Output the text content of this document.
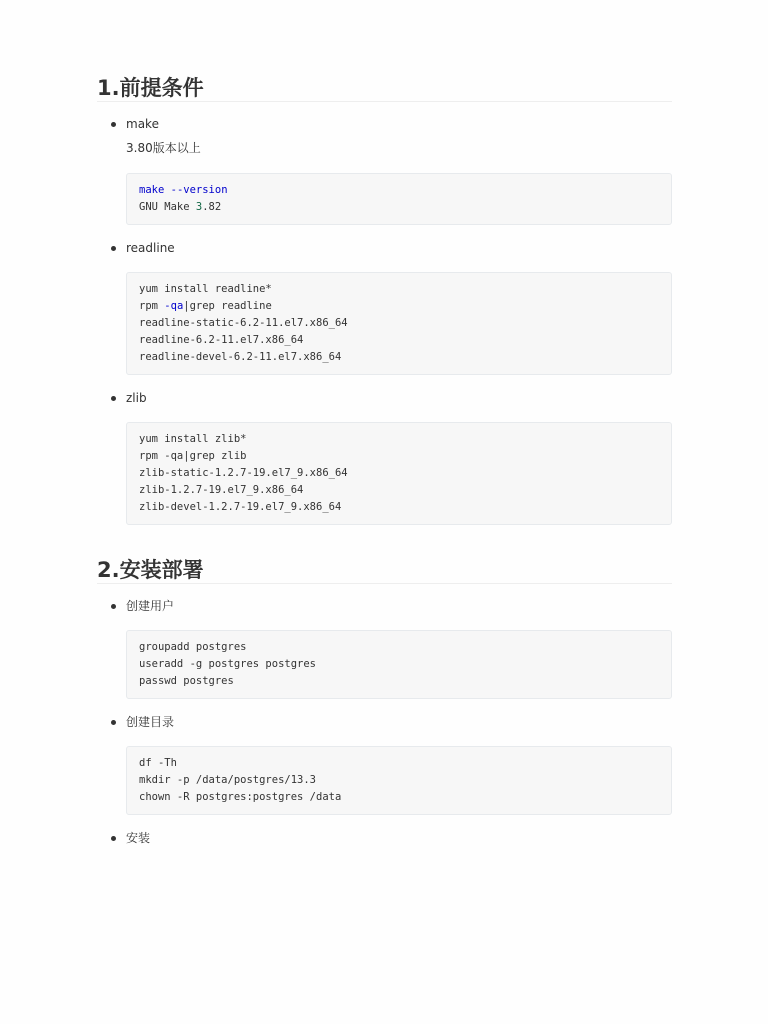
1.前提条件
make
3.80版本以上
make --version
GNU Make 3.82
readline
yum install readline*
rpm -qa|grep readline
readline-static-6.2-11.el7.x86_64
readline-6.2-11.el7.x86_64
readline-devel-6.2-11.el7.x86_64
zlib
yum install zlib*
rpm -qa|grep zlib
zlib-static-1.2.7-19.el7_9.x86_64
zlib-1.2.7-19.el7_9.x86_64
zlib-devel-1.2.7-19.el7_9.x86_64
2.安装部署
创建用户
groupadd postgres
useradd -g postgres postgres
passwd postgres
创建目录
df -Th
mkdir -p /data/postgres/13.3
chown -R postgres:postgres /data
安装
